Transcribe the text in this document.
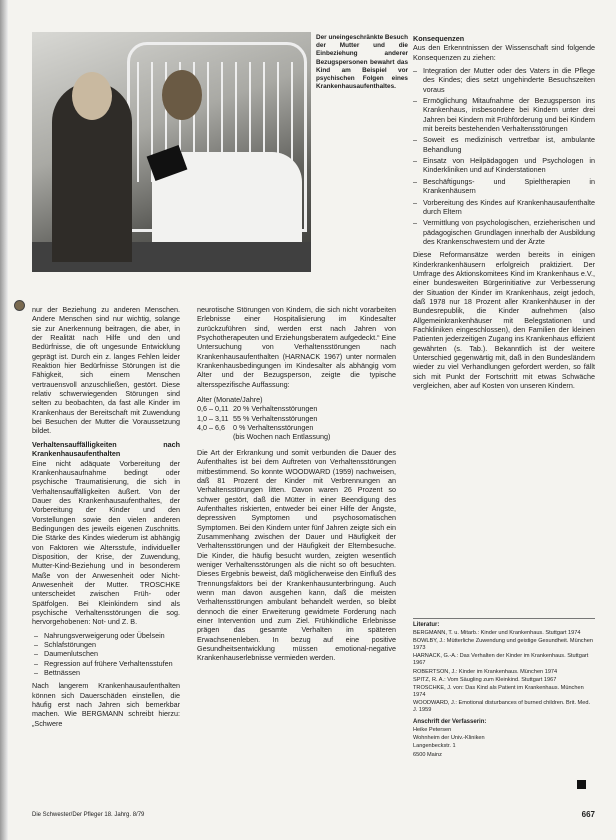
Der uneingeschränkte Besuch der Mutter und die Einbeziehung anderer Bezugspersonen bewahrt das Kind am Beispiel vor psychischen Folgen eines Krankenhausaufenthaltes.

nur der Beziehung zu anderen Menschen. Andere Menschen sind nur wichtig, solange sie zur Anerkennung beitragen, die aber, in der Realität nach Hilfe und den und Bedürfnisse, die oft ungesunde Entwicklung geprägt ist. Durch ein z. langes Fehlen leider Reaktion hier Bedürfnisse Störungen ist die Fähigkeit, sich einem Menschen vertrauensvoll anzuschließen, gestört. Diese relativ schwerwiegenden Störungen sind selten zu beobachten, da fast alle Kinder im Krankenhaus der Bereitschaft mit Zuwendung bei Besuchen der Mutter die Voraussetzung bildet.

Verhaltensauffälligkeiten nach Krankenhausaufenthalten

Eine nicht adäquate Vorbereitung der Krankenhausaufnahme bedingt oder psychische Traumatisierung, die sich in Verhaltensauffälligkeiten äußert. Von der Dauer des Krankenhausaufenthaltes, der Vorbereitung der Kinder und den Vorstellungen sowie den vielen anderen Bedingungen des jeweils eigenen Zuschnitts. Die Stärke des Kindes wiederum ist abhängig von Faktoren wie Altersstufe, individueller Disposition, der Krise, der Zuwendung, Mutter-Kind-Beziehung und in besonderem Maße von der Anwesenheit oder Nicht-Anwesenheit der Mutter. TROSCHKE unterscheidet zwischen Früh- oder Spätfolgen. Bei Kleinkindern sind als psychische Verhaltensstörungen die sog. hervorgehobenen: Not- und Z. B.

– Nahrungsverweigerung oder Übelsein
– Schlafstörungen
– Daumenlutschen
– Regression auf frühere Verhaltensstufen
– Bettnässen

Nach langerem Krankenhausaufenthalten können sich Dauerschäden einstellen, die häufig erst nach Jahren sich bemerkbar machen. Wie BERGMANN schreibt hierzu: „Schwere

neurotische Störungen von Kindern, die sich nicht vorarbeiten Erlebnisse einer Hospitalisierung im Kindesalter zurückzuführen sind, werden erst nach Jahren von Psychotherapeuten und Erziehungsberatern aufgedeckt.“ Eine Untersuchung von Verhaltensstörungen nach Krankenhausaufenthalten (HARNACK 1967) unter normalen Krankenhausbedingungen im Kindesalter als abhängig vom Alter und der Bezugsperson, zeigte die typische altersspezifische Auffassung:

Alter (Monate/Jahre)
0,6 – 0,11 20 % Verhaltensstörungen
1,0 – 3,11 55 % Verhaltensstörungen
4,0 – 6,6 0 % Verhaltensstörungen
(bis Wochen nach Entlassung)

Die Art der Erkrankung und somit verbunden die Dauer des Aufenthaltes ist bei dem Auftreten von Verhaltensstörungen mitbestimmend. So konnte WOODWARD (1959) nachweisen, daß 81 Prozent der Kinder mit Verbrennungen an Verhaltensstörungen litten. Davon waren 26 Prozent so schwer gestört, daß die Mütter in einer Beendigung des Aufenthaltes riskierten, entweder bei einer Hilfe der Ängste, depressiven Symptomen und psychosomatischen Symptomen. Bei den Kindern unter fünf Jahren zeigte sich ein Zusammenhang zwischen der Dauer und Häufigkeit der Verhaltensstörungen und der Häufigkeit der Elternbesuche. Die Kinder, die häufig besucht wurden, zeigten wesentlich weniger Verhaltensstörungen als die nicht so oft besuchten. Dieses Ergebnis beweist, daß möglicherweise den Einfluß des Trennungsfaktors bei der Krankenhausunterbringung. Auch wenn man davon ausgehen kann, daß die meisten Verhaltensstörungen ambulant behandelt werden, so bleibt dennoch die einer Erweiterung gewidmete Forderung nach einer Intervention und zum Ziel. Frühkindliche Erlebnisse prägen das gesamte Verhalten im späteren Erwachsenenleben. In bezug auf eine positive Gesundheitsentwicklung müssen emotional-negative Krankenhauserlebnisse vermieden werden.

Konsequenzen

Aus den Erkenntnissen der Wissenschaft sind folgende Konsequenzen zu ziehen:

– Integration der Mutter oder des Vaters in die Pflege des Kindes; dies setzt ungehinderte Besuchszeiten voraus
– Ermöglichung Mitaufnahme der Bezugsperson ins Krankenhaus, insbesondere bei Kindern unter drei Jahren bei Kindern mit Frühförderung und bei Kindern mit bereits bestehenden Verhaltensstörungen
– Soweit es medizinisch vertretbar ist, ambulante Behandlung
– Einsatz von Heilpädagogen und Psychologen in Kinderkliniken und auf Kinderstationen
– Beschäftigungs- und Spieltherapien in Krankenhäusern
– Vorbereitung des Kindes auf Krankenhausaufenthalte durch Eltern
– Vermittlung von psychologischen, erzieherischen und pädagogischen Grundlagen innerhalb der Ausbildung des Krankenschwestern und der Ärzte

Diese Reformansätze werden bereits in einigen Kinderkrankenhäusern erfolgreich praktiziert. Der Umfrage des Aktionskomitees Kind im Krankenhaus e.V., einer bundesweiten Bürgerinitiative zur Verbesserung der Situation der Kinder im Krankenhaus, zeigt jedoch, daß 1978 nur 18 Prozent aller Krankenhäuser in der Bundesrepublik, die Kinder aufnehmen (also Allgemeinkrankenhäuser mit Belegstationen und Fachkliniken eingeschlossen), den Familien der kleinen Patienten jederzeitigen Zugang ins Krankenhaus effizient gewährten (s. Tab.). Bekanntlich ist der weitere Unterschied gegenwärtig mit, daß in den Bundesländern wieder zu viel Verhandlungen gefordert werden, so fällt sich mit Punkt der Fortschritt mit etwas Schwäche vergleichen, aber auf Kosten von unseren Kindern.

Literatur:

BERGMANN, T. u. Mitarb.: Kinder und Krankenhaus. Stuttgart 1974

BOWLBY, J.: Mütterliche Zuwendung und geistige Gesundheit. München 1973

HARNACK, G.-A.: Das Verhalten der Kinder im Krankenhaus. Stuttgart 1967

ROBERTSON, J.: Kinder im Krankenhaus. München 1974

SPITZ, R. A.: Vom Säugling zum Kleinkind. Stuttgart 1967

TROSCHKE, J. von: Das Kind als Patient im Krankenhaus. München 1974

WOODWARD, J.: Emotional disturbances of burned children. Brit. Med. J. 1959

Anschrift der Verfasserin:

Heike Petersen

Wohnheim der Univ.-Kliniken

Langenbeckstr. 1

6500 Mainz

Die Schwester/Der Pfleger 18. Jahrg. 8/79	667
